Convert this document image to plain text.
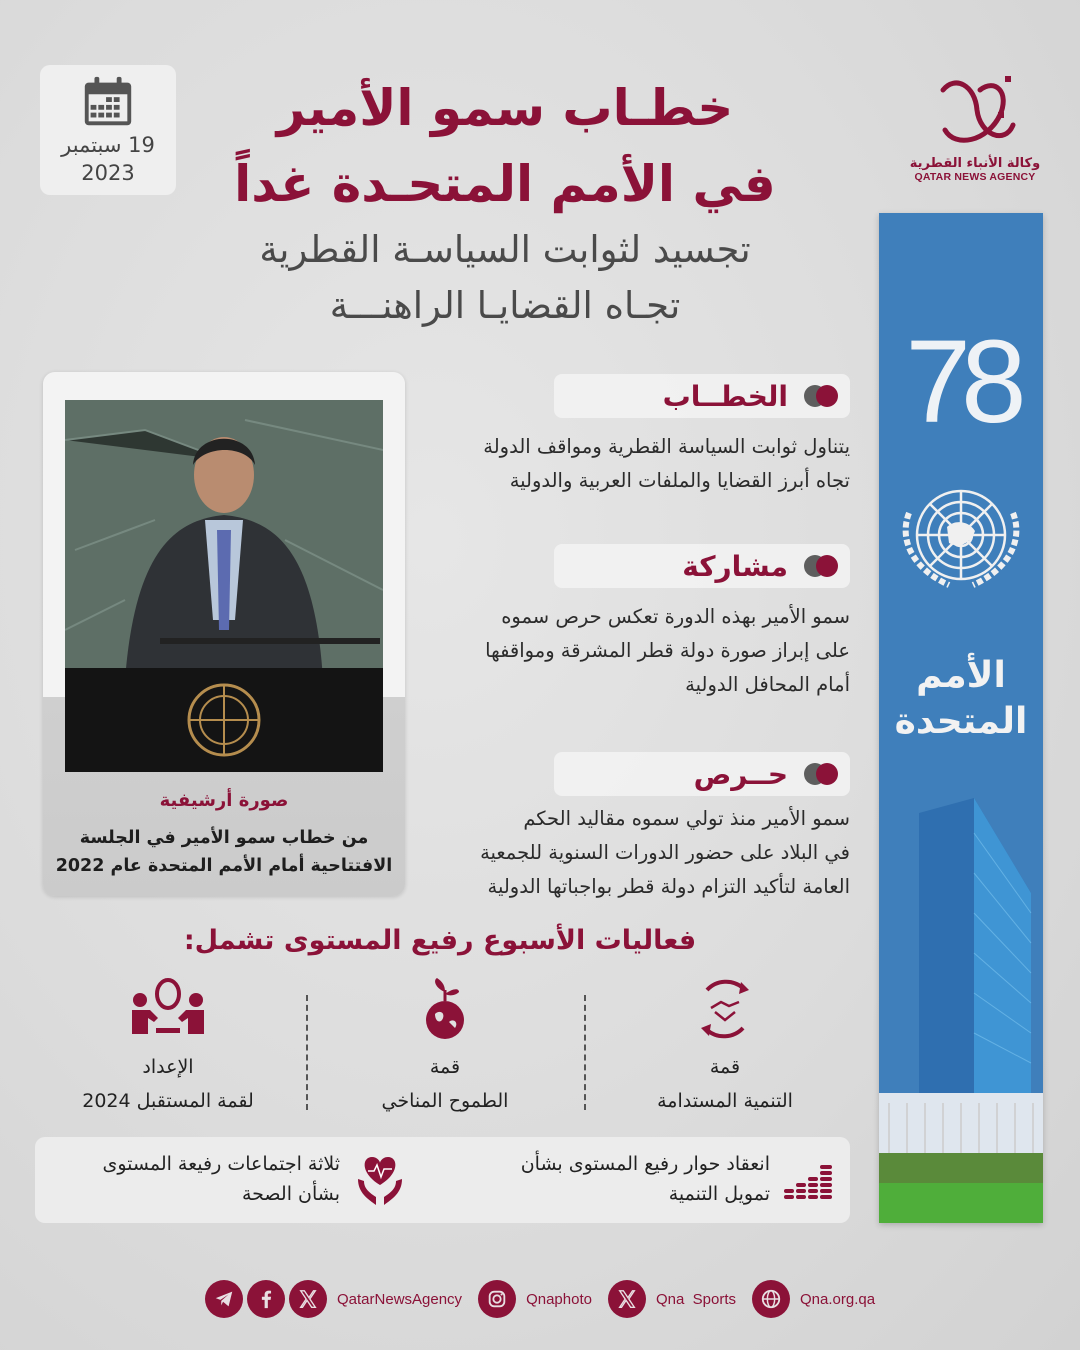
19 سبتمبر
2023
خطـاب سمو الأمير
في الأمم المتحـدة غداً
تجسيد لثوابت السياسـة القطرية
تجـاه القضايـا الراهنـــة
وكالة الأنباء القطرية
QATAR NEWS AGENCY
78
الأمم
المتحدة
صورة أرشيفية
من خطاب سمو الأمير في الجلسة
الافتتاحية أمام الأمم المتحدة عام 2022
الخطــاب
يتناول ثوابت السياسة القطرية ومواقف الدولة
تجاه أبرز القضايا والملفات العربية والدولية
مشاركة
سمو الأمير بهذه الدورة تعكس حرص سموه
على إبراز صورة دولة قطر المشرقة ومواقفها
أمام المحافل الدولية
حــرص
سمو الأمير منذ تولي سموه مقاليد الحكم
في البلاد على حضور الدورات السنوية للجمعية
العامة لتأكيد التزام دولة قطر بواجباتها الدولية
فعاليات الأسبوع رفيع المستوى تشمل:
قمة
التنمية المستدامة
قمة
الطموح المناخي
الإعداد
لقمة المستقبل 2024
انعقاد حوار رفيع المستوى بشأن
تمويل التنمية
ثلاثة اجتماعات رفيعة المستوى
بشأن الصحة
QatarNewsAgency	Qnaphoto	Qna  Sports	Qna.org.qa
